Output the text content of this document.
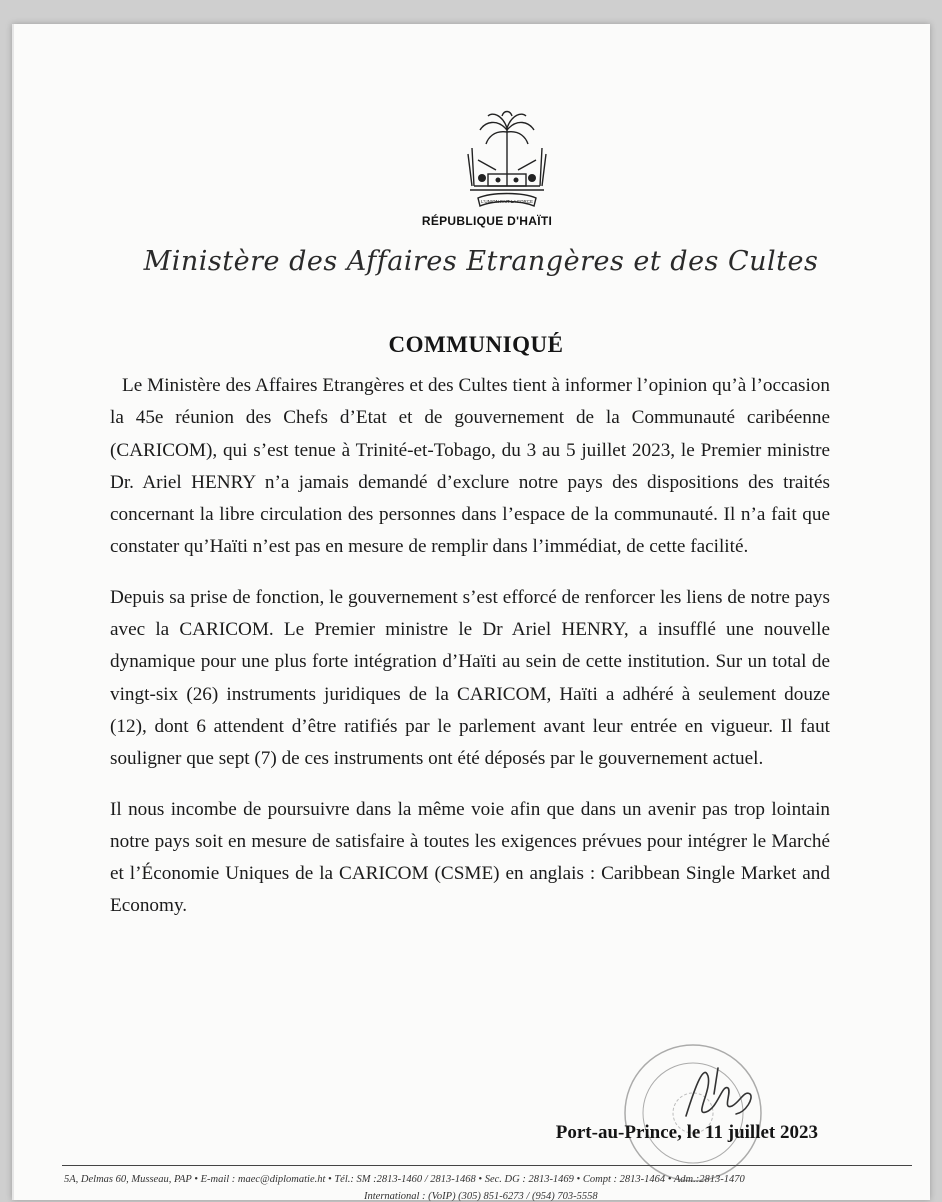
L'UNION FAIT LA FORCE
RÉPUBLIQUE D'HAÏTI
Ministère des Affaires Etrangères et des Cultes
COMMUNIQUÉ

Le Ministère des Affaires Etrangères et des Cultes tient à informer l’opinion qu’à l’occasion la 45e réunion des Chefs d’Etat et de gouvernement de la Communauté caribéenne (CARICOM), qui s’est tenue à Trinité-et-Tobago, du 3 au 5 juillet 2023, le Premier ministre Dr. Ariel HENRY n’a jamais demandé d’exclure notre pays des dispositions des traités concernant la libre circulation des personnes dans l’espace de la communauté. Il n’a fait que constater qu’Haïti n’est pas en mesure de remplir dans l’immédiat, de cette facilité.

Depuis sa prise de fonction, le gouvernement s’est efforcé de renforcer les liens de notre pays avec la CARICOM. Le Premier ministre le Dr Ariel HENRY, a insufflé une nouvelle dynamique pour une plus forte intégration d’Haïti au sein de cette institution. Sur un total de vingt-six (26) instruments juridiques de la CARICOM, Haïti a adhéré à seulement douze (12), dont 6 attendent d’être ratifiés par le parlement avant leur entrée en vigueur. Il faut souligner que sept (7) de ces instruments ont été déposés par le gouvernement actuel.

Il nous incombe de poursuivre dans la même voie afin que dans un avenir pas trop lointain notre pays soit en mesure de satisfaire à toutes les exigences prévues pour intégrer le Marché et l’Économie Uniques de la CARICOM (CSME) en anglais : Caribbean Single Market and Economy.

Port-au-Prince, le 11 juillet 2023
5A, Delmas 60, Musseau, PAP • E-mail : maec@diplomatie.ht • Tél.: SM :2813-1460 / 2813-1468 • Sec. DG : 2813-1469 • Compt : 2813-1464 • Adm.:2813-1470
International : (VoIP) (305) 851-6273 / (954) 703-5558
